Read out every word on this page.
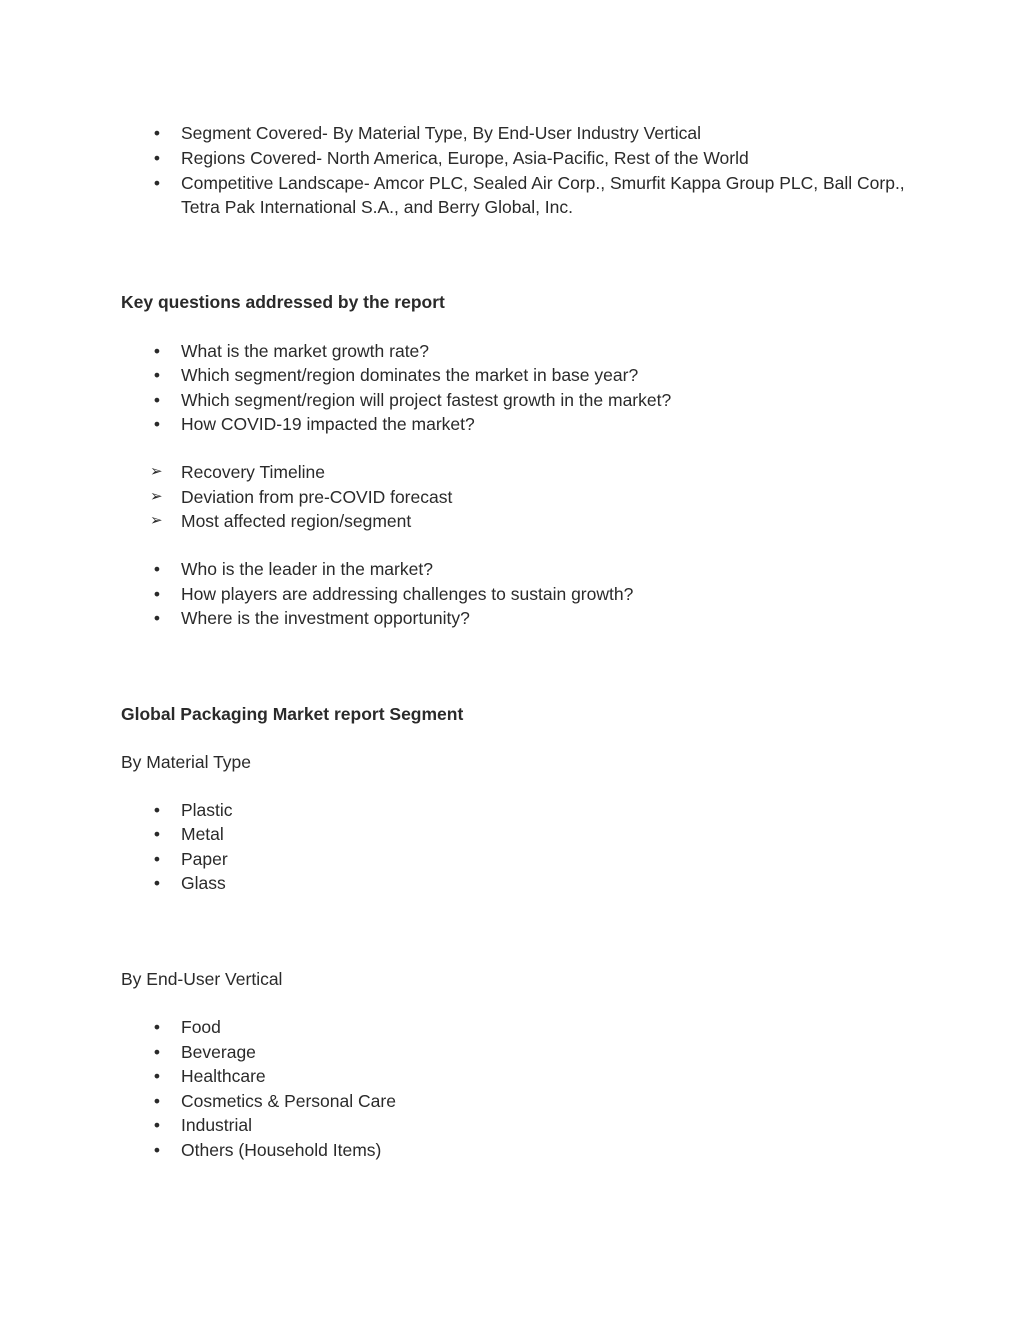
• Segment Covered- By Material Type, By End-User Industry Vertical
• Regions Covered- North America, Europe, Asia-Pacific, Rest of the World
• Competitive Landscape- Amcor PLC, Sealed Air Corp., Smurfit Kappa Group PLC, Ball Corp.,
Tetra Pak International S.A., and Berry Global, Inc.
Key questions addressed by the report
• What is the market growth rate?
• Which segment/region dominates the market in base year?
• Which segment/region will project fastest growth in the market?
• How COVID-19 impacted the market?
➢	Recovery Timeline
➢	Deviation from pre-COVID forecast
➢	Most affected region/segment
• Who is the leader in the market?
• How players are addressing challenges to sustain growth?
• Where is the investment opportunity?
Global Packaging Market report Segment
By Material Type
• Plastic
• Metal
• Paper
• Glass
By End-User Vertical
• Food
• Beverage
• Healthcare
• Cosmetics & Personal Care
• Industrial
• Others (Household Items)
